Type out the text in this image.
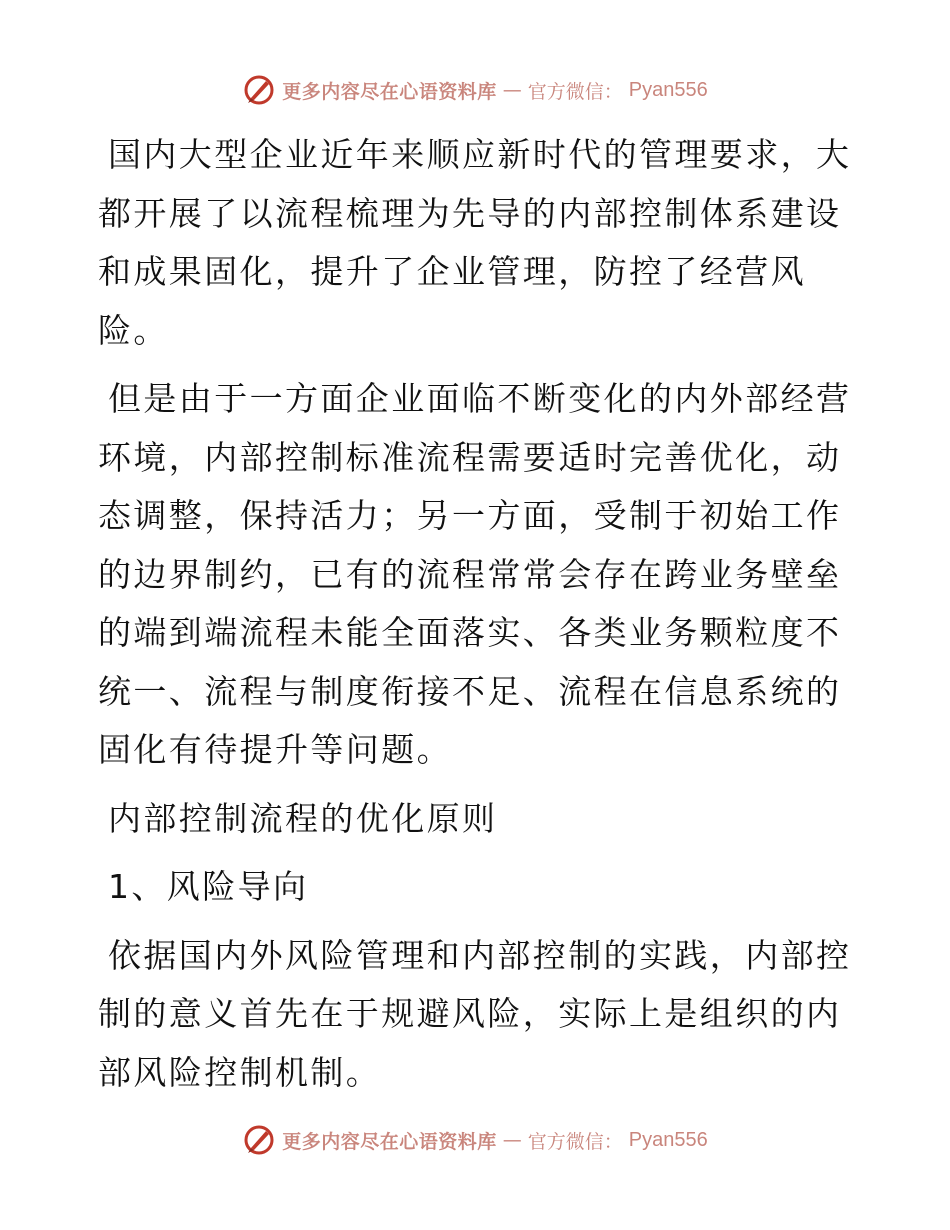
更多内容尽在心语资料库 — 官方微信： Pyan556

国内大型企业近年来顺应新时代的管理要求，大都开展了以流程梳理为先导的内部控制体系建设和成果固化，提升了企业管理，防控了经营风险。

但是由于一方面企业面临不断变化的内外部经营环境，内部控制标准流程需要适时完善优化，动态调整，保持活力；另一方面，受制于初始工作的边界制约，已有的流程常常会存在跨业务壁垒的端到端流程未能全面落实、各类业务颗粒度不统一、流程与制度衔接不足、流程在信息系统的固化有待提升等问题。

内部控制流程的优化原则

1、风险导向

依据国内外风险管理和内部控制的实践，内部控制的意义首先在于规避风险，实际上是组织的内部风险控制机制。

更多内容尽在心语资料库 — 官方微信： Pyan556
